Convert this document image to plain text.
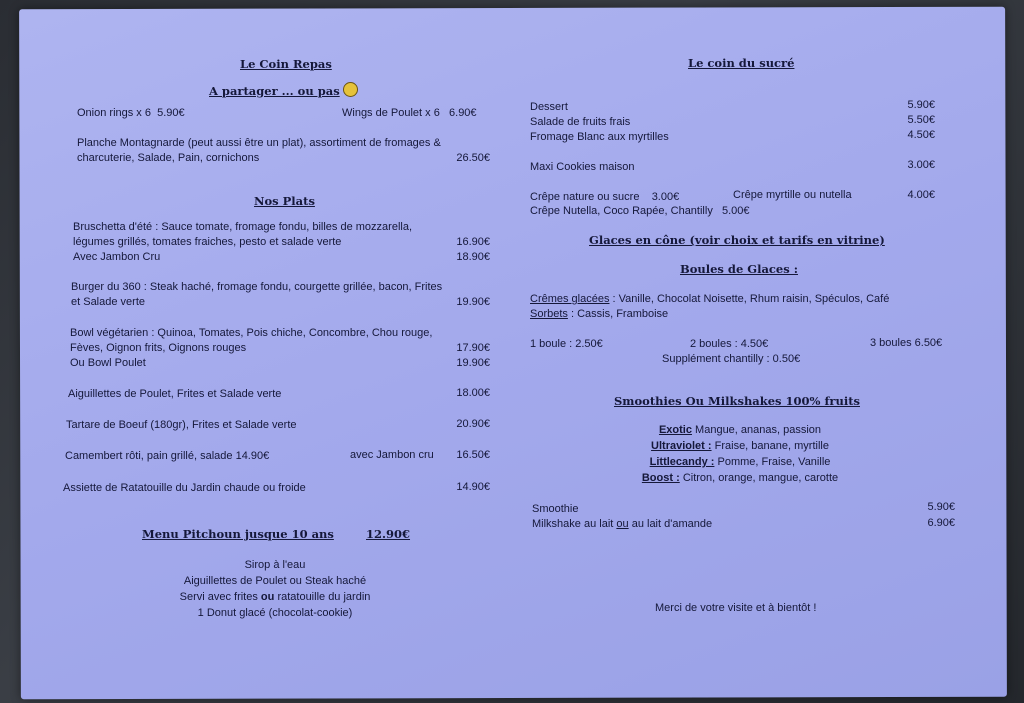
Le Coin Repas
A partager ... ou pas
Onion rings x 6 5.90€	Wings de Poulet x 6 6.90€
Planche Montagnarde (peut aussi être un plat), assortiment de fromages &
charcuterie, Salade, Pain, cornichons	26.50€
Nos Plats
Bruschetta d'été : Sauce tomate, fromage fondu, billes de mozzarella,
légumes grillés, tomates fraiches, pesto et salade verte	16.90€
Avec Jambon Cru	18.90€
Burger du 360 : Steak haché, fromage fondu, courgette grillée, bacon, Frites
et Salade verte	19.90€
Bowl végétarien : Quinoa, Tomates, Pois chiche, Concombre, Chou rouge,
Fèves, Oignon frits, Oignons rouges	17.90€
Ou Bowl Poulet	19.90€
Aiguillettes de Poulet, Frites et Salade verte	18.00€
Tartare de Boeuf (180gr), Frites et Salade verte	20.90€
Camembert rôti, pain grillé, salade 14.90€	avec Jambon cru	16.50€
Assiette de Ratatouille du Jardin chaude ou froide	14.90€
Menu Pitchoun jusque 10 ans	12.90€
Sirop à l'eau
Aiguillettes de Poulet ou Steak haché
Servi avec frites ou ratatouille du jardin
1 Donut glacé (chocolat-cookie)
Le coin du sucré
Dessert	5.90€
Salade de fruits frais	5.50€
Fromage Blanc aux myrtilles	4.50€
Maxi Cookies maison	3.00€
Crêpe nature ou sucre 3.00€	Crêpe myrtille ou nutella	4.00€
Crêpe Nutella, Coco Rapée, Chantilly 5.00€
Glaces en cône (voir choix et tarifs en vitrine)
Boules de Glaces :
Crêmes glacées : Vanille, Chocolat Noisette, Rhum raisin, Spéculos, Café
Sorbets : Cassis, Framboise
1 boule : 2.50€	2 boules : 4.50€	3 boules 6.50€
Supplément chantilly : 0.50€
Smoothies Ou Milkshakes 100% fruits
Exotic Mangue, ananas, passion
Ultraviolet : Fraise, banane, myrtille
Littlecandy : Pomme, Fraise, Vanille
Boost : Citron, orange, mangue, carotte
Smoothie	5.90€
Milkshake au lait ou au lait d'amande	6.90€
Merci de votre visite et à bientôt !
